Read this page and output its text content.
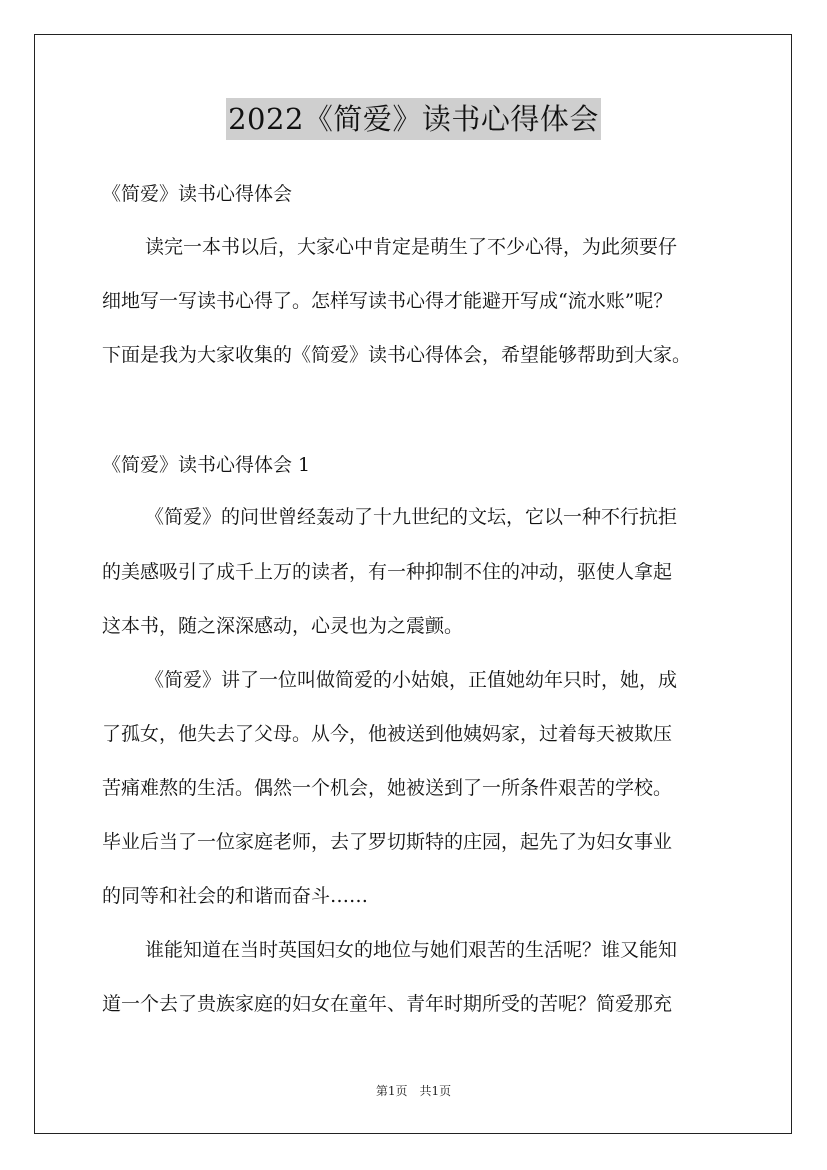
2022《简爱》读书心得体会
《简爱》读书心得体会
读完一本书以后，大家心中肯定是萌生了不少心得，为此须要仔
细地写一写读书心得了。怎样写读书心得才能避开写成“流水账”呢？
下面是我为大家收集的《简爱》读书心得体会，希望能够帮助到大家。
《简爱》读书心得体会 1
《简爱》的问世曾经轰动了十九世纪的文坛，它以一种不行抗拒
的美感吸引了成千上万的读者，有一种抑制不住的冲动，驱使人拿起
这本书，随之深深感动，心灵也为之震颤。
《简爱》讲了一位叫做简爱的小姑娘，正值她幼年只时，她，成
了孤女，他失去了父母。从今，他被送到他姨妈家，过着每天被欺压
苦痛难熬的生活。偶然一个机会，她被送到了一所条件艰苦的学校。
毕业后当了一位家庭老师，去了罗切斯特的庄园，起先了为妇女事业
的同等和社会的和谐而奋斗……
谁能知道在当时英国妇女的地位与她们艰苦的生活呢？谁又能知
道一个去了贵族家庭的妇女在童年、青年时期所受的苦呢？简爱那充
第1页　共1页
